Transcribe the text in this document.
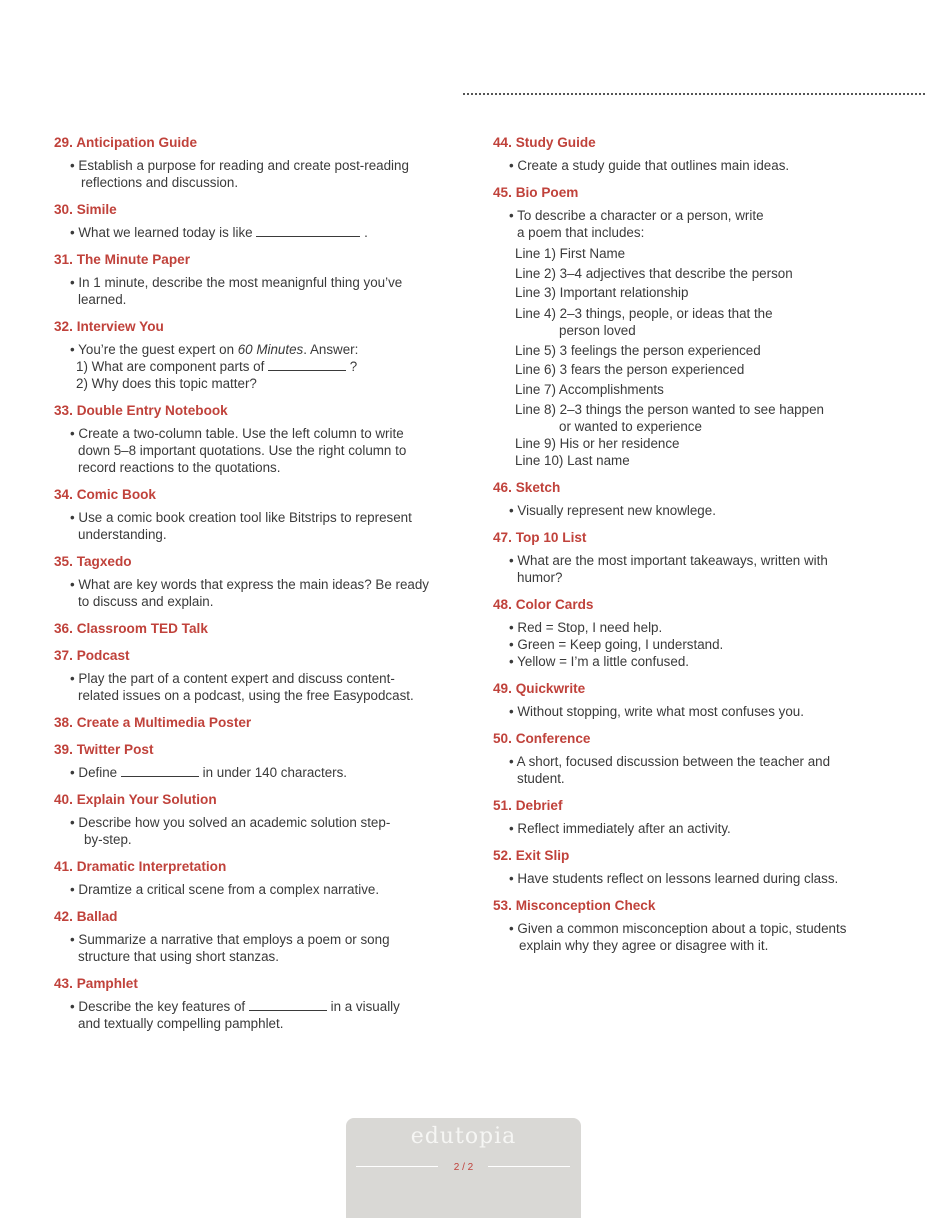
29. Anticipation Guide
• Establish a purpose for reading and create post-reading
reflections and discussion.
30. Simile
• What we learned today is like	.
31. The Minute Paper
• In 1 minute, describe the most meanignful thing you’ve
learned.
32. Interview You
• You’re the guest expert on 60 Minutes. Answer:
1) What are component parts of	?
2) Why does this topic matter?
33. Double Entry Notebook
• Create a two-column table. Use the left column to write
down 5–8 important quotations. Use the right column to
record reactions to the quotations.
34. Comic Book
• Use a comic book creation tool like Bitstrips to represent
understanding.
35. Tagxedo
• What are key words that express the main ideas? Be ready
to discuss and explain.
36. Classroom TED Talk
37. Podcast
• Play the part of a content expert and discuss content-
related issues on a podcast, using the free Easypodcast.
38. Create a Multimedia Poster
39. Twitter Post
• Define	in under 140 characters.
40. Explain Your Solution
• Describe how you solved an academic solution step-
by-step.
41. Dramatic Interpretation
• Dramtize a critical scene from a complex narrative.
42. Ballad
• Summarize a narrative that employs a poem or song
structure that using short stanzas.
43. Pamphlet
• Describe the key features of	in a visually
and textually compelling pamphlet.
44. Study Guide
• Create a study guide that outlines main ideas.
45. Bio Poem
• To describe a character or a person, write
a poem that includes:
Line 1) First Name
Line 2) 3–4 adjectives that describe the person
Line 3) Important relationship
Line 4) 2–3 things, people, or ideas that the
person loved
Line 5) 3 feelings the person experienced
Line 6) 3 fears the person experienced
Line 7) Accomplishments
Line 8) 2–3 things the person wanted to see happen
or wanted to experience
Line 9) His or her residence
Line 10) Last name
46. Sketch
• Visually represent new knowlege.
47. Top 10 List
• What are the most important takeaways, written with
humor?
48. Color Cards
• Red = Stop, I need help.
• Green = Keep going, I understand.
• Yellow = I’m a little confused.
49. Quickwrite
• Without stopping, write what most confuses you.
50. Conference
• A short, focused discussion between the teacher and
student.
51. Debrief
• Reflect immediately after an activity.
52. Exit Slip
• Have students reflect on lessons learned during class.
53. Misconception Check
• Given a common misconception about a topic, students
explain why they agree or disagree with it.
edutopia
2 / 2
